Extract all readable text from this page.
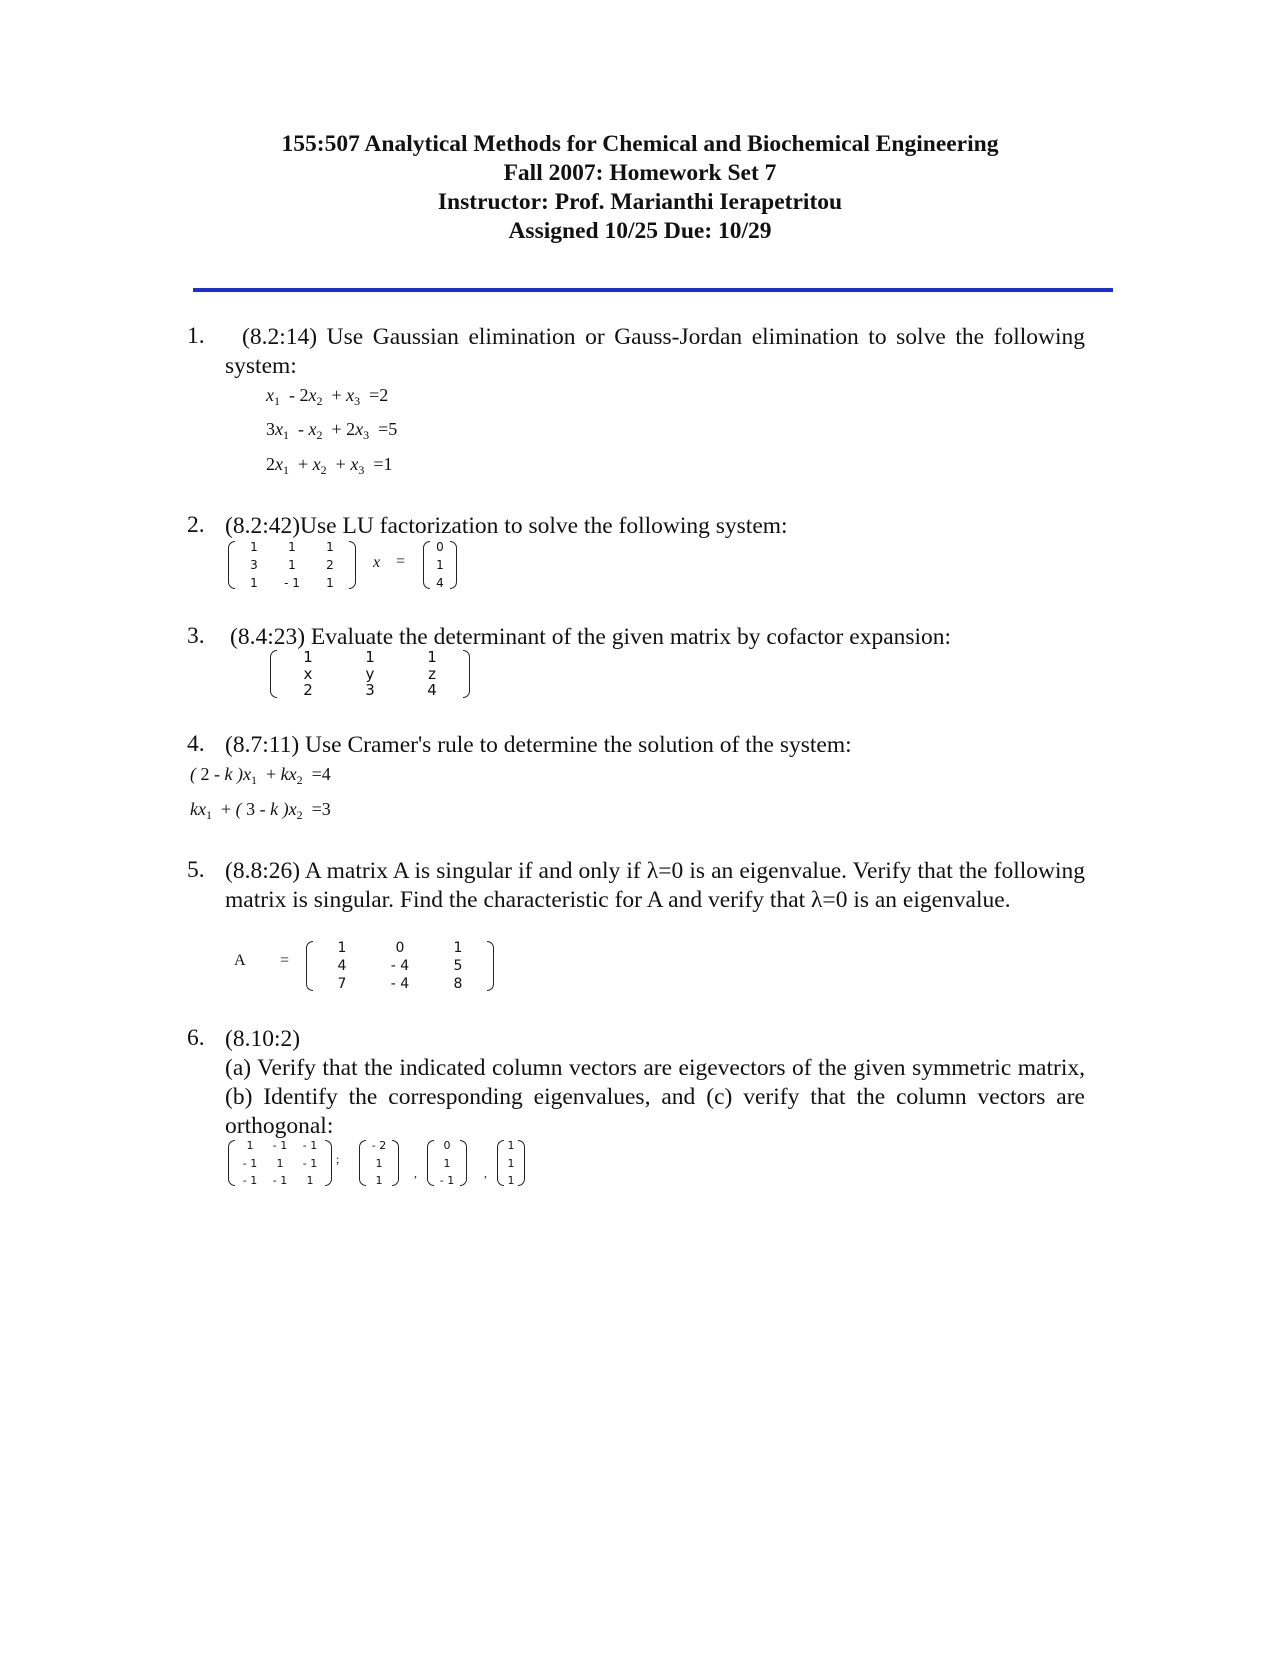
155:507 Analytical Methods for Chemical and Biochemical Engineering
Fall 2007: Homework Set 7
Instructor: Prof. Marianthi Ierapetritou
Assigned 10/25 Due: 10/29
1.	(8.2:14) Use Gaussian elimination or Gauss-Jordan elimination to solve the following system:
$x_1 - 2x_2 + x_3 =2$
$3x_1 - x_2 + 2x_3 =5$
$2x_1 + x_2 + x_3 =1$
2. (8.2:42)Use LU factorization to solve the following system:
1	1	1
3	1	2
1	- 1	1
x =
0
1
4
3. (8.4:23) Evaluate the determinant of the given matrix by cofactor expansion:
1	1	1
x	y	z
2	3	4
4. (8.7:11) Use Cramer's rule to determine the solution of the system:
( 2 - k )$x_1 + kx_2 =4$
$kx_1$  + ( 3 - k )$x_2 =3$
5. (8.8:26) A matrix A is singular if and only if λ=0 is an eigenvalue. Verify that the following matrix is singular. Find the characteristic for A and verify that λ=0 is an eigenvalue.
A =
1	0	1
4	- 4	5
7	- 4	8
6. (8.10:2)
(a) Verify that the indicated column vectors are eigevectors of the given symmetric matrix, (b) Identify the corresponding eigenvalues, and (c) verify that the column vectors are orthogonal:
1	- 1	- 1
- 1	1	- 1
- 1	- 1	1
;
- 2
1
1
,
0
1
- 1
,
1
1
1
